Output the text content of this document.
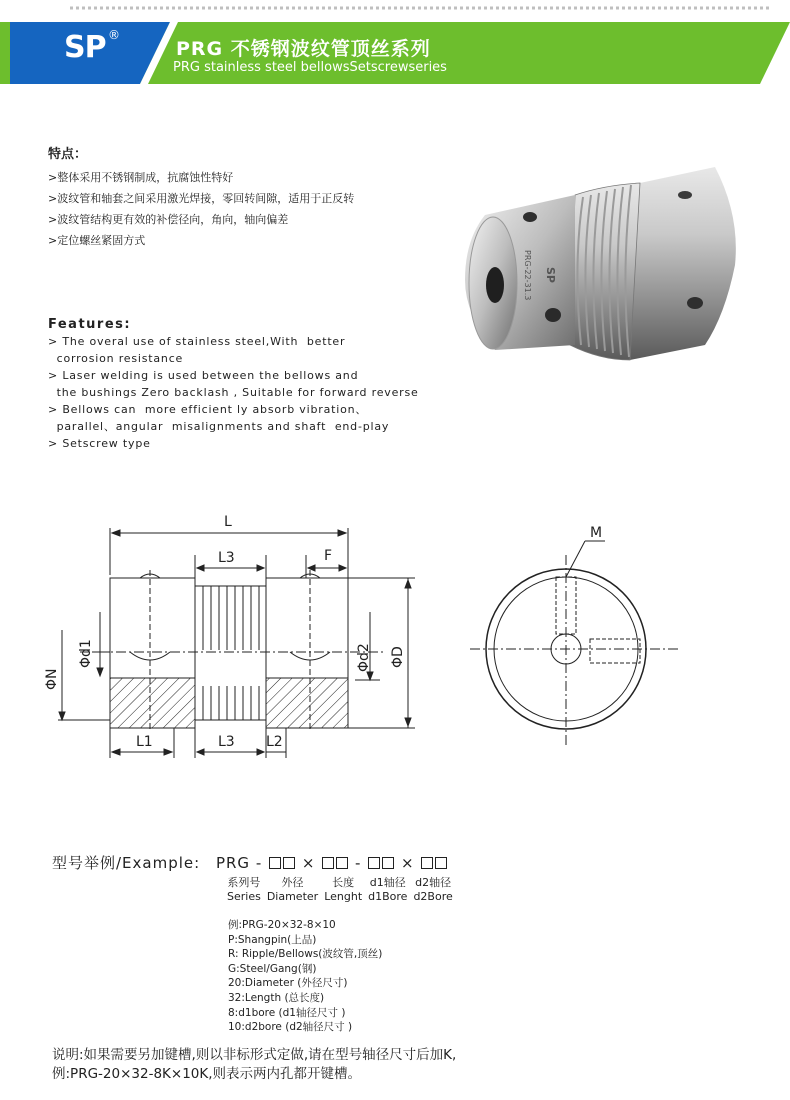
SP ®
PRG 不锈钢波纹管顶丝系列
PRG stainless steel bellowsSetscrewseries
特点：
>整体采用不锈钢制成，抗腐蚀性特好
>波纹管和轴套之间采用激光焊接，零回转间隙，适用于正反转
>波纹管结构更有效的补偿径向，角向，轴向偏差
>定位螺丝紧固方式
Features:
> The overal use of stainless steel,With  better
corrosion resistance
> Laser welding is used between the bellows and
the bushings Zero backlash , Suitable for forward reverse
> Bellows can  more efficient ly absorb vibration、
parallel、angular  misalignments and shaft  end-play
> Setscrew type
SP
PRG-22-31.3
L
L3	F
Φd1
ΦN
Φd2 ΦD
L1	L3 L2
M
型号举例/Example: PRG -	×	-	×
系列号	外径	长度	d1轴径	d2轴径
Series	Diameter	Lenght	d1Bore	d2Bore
例:PRG-20×32-8×10
P:Shangpin(上品)
R: Ripple/Bellows(波纹管,顶丝)
G:Steel/Gang(钢)
20:Diameter (外径尺寸)
32:Length (总长度)
8:d1bore (d1轴径尺寸 )
10:d2bore (d2轴径尺寸 )
说明:如果需要另加键槽,则以非标形式定做,请在型号轴径尺寸后加K,
例:PRG-20×32-8K×10K,则表示两内孔都开键槽。
